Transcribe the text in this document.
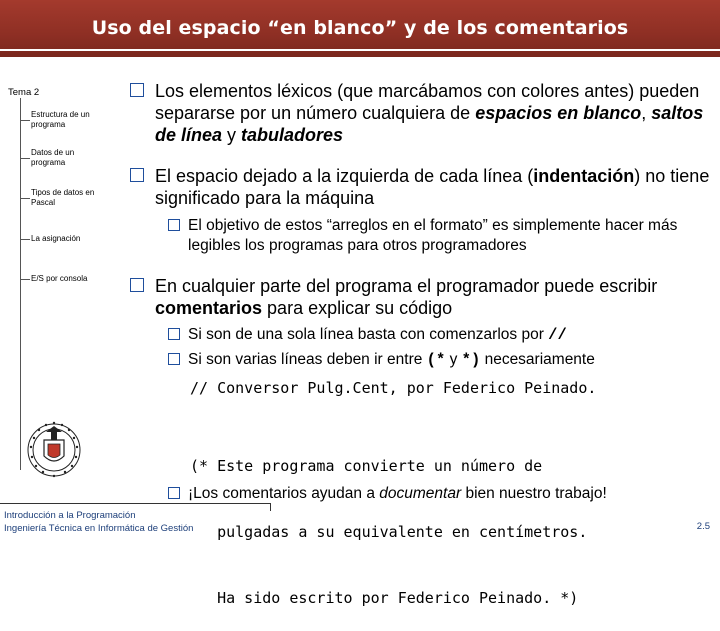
Uso del espacio “en blanco” y de los comentarios
Tema 2
Estructura de un programa
Datos de un programa
Tipos de datos en Pascal
La asignación
E/S por consola
Los elementos léxicos (que marcábamos con colores antes) pueden separarse por un número cualquiera de espacios en blanco, saltos de línea y tabuladores
El espacio dejado a la izquierda de cada línea (indentación) no tiene significado para la máquina
El objetivo de estos “arreglos en el formato” es simplemente hacer más legibles los programas para otros programadores
En cualquier parte del programa el programador puede escribir comentarios para explicar su código
Si son de una sola línea basta con comenzarlos por //
Si son varias líneas deben ir entre (* y *) necesariamente
// Conversor Pulg.Cent, por Federico Peinado.

(* Este programa convierte un número de

pulgadas a su equivalente en centímetros.

Ha sido escrito por Federico Peinado. *)

¡Los comentarios ayudan a documentar bien nuestro trabajo!
Introducción a la Programación
Ingeniería Técnica en Informática de Gestión	2.5
